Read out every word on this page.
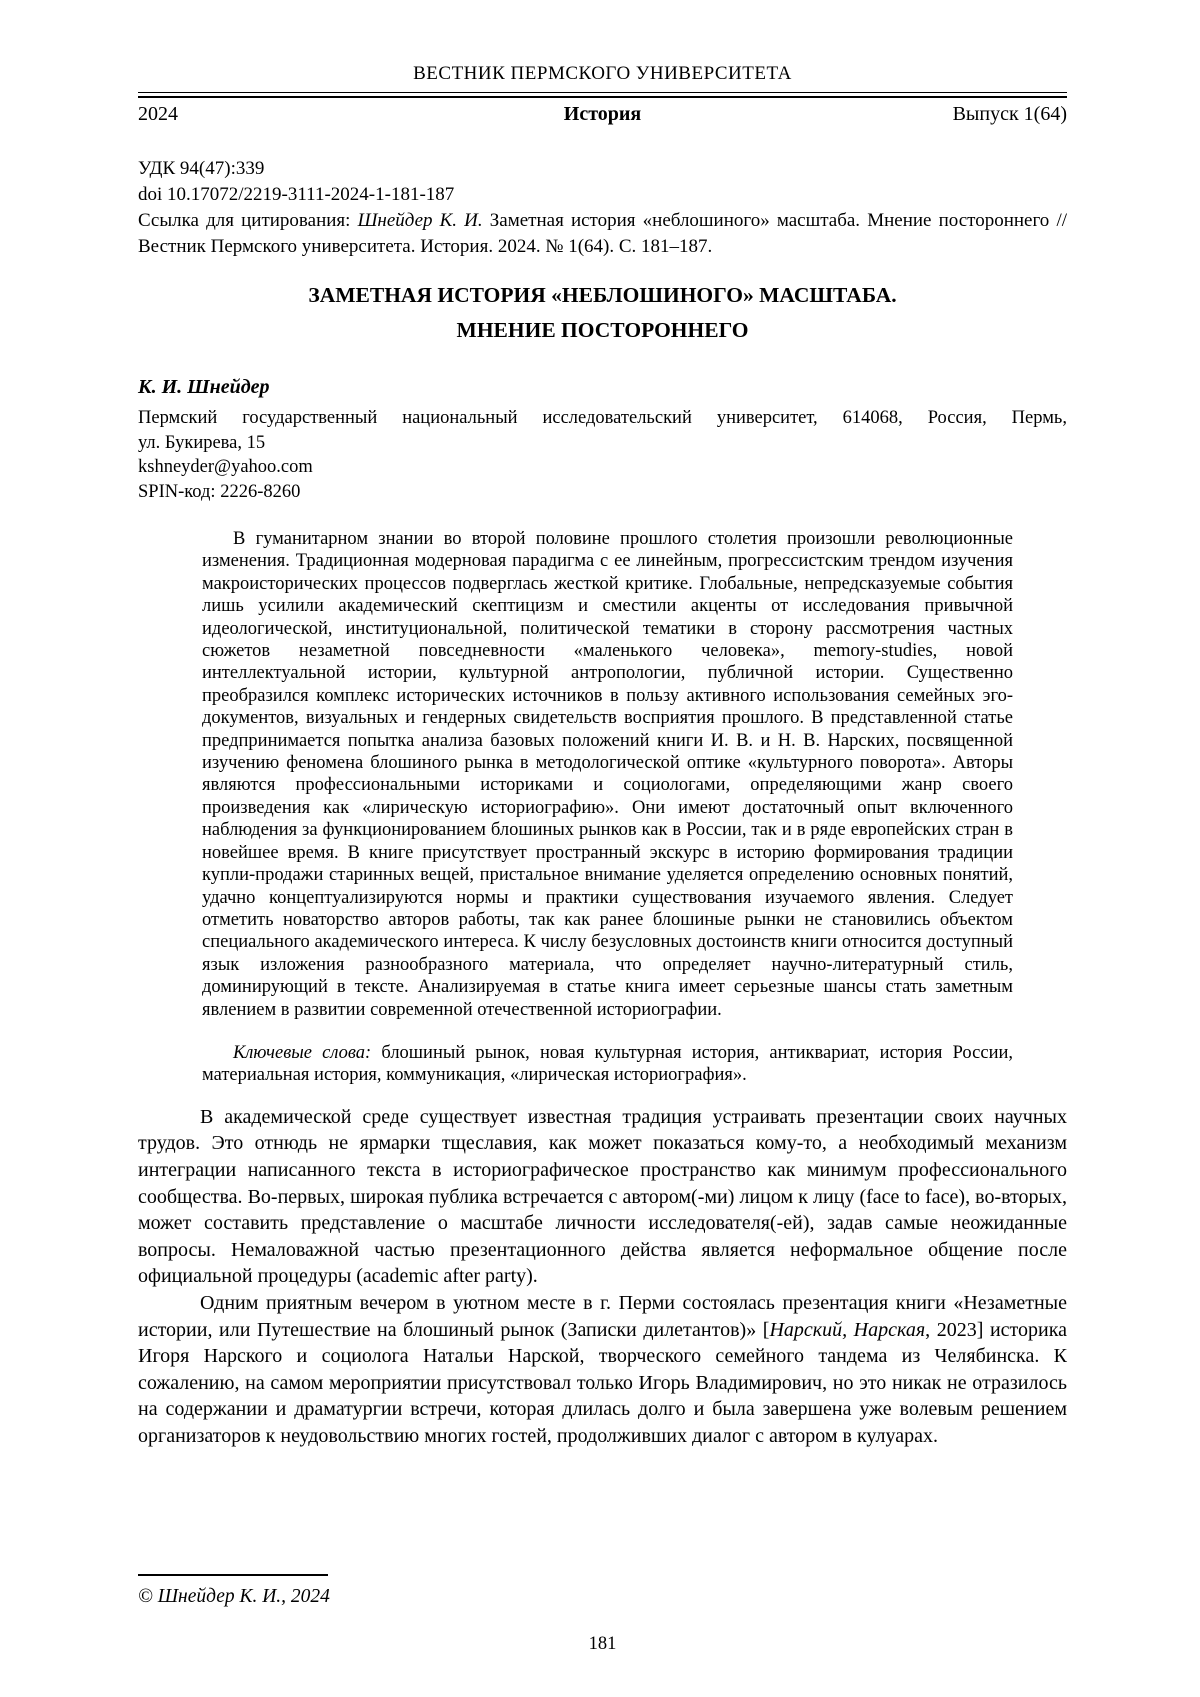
ВЕСТНИК ПЕРМСКОГО УНИВЕРСИТЕТА
2024	История	Выпуск 1(64)
УДК 94(47):339
doi 10.17072/2219-3111-2024-1-181-187

Ссылка для цитирования: Шнейдер К. И. Заметная история «неблошиного» масштаба. Мнение постороннего // Вестник Пермского университета. История. 2024. № 1(64). С. 181–187.

ЗАМЕТНАЯ ИСТОРИЯ «НЕБЛОШИНОГО» МАСШТАБА.
МНЕНИЕ ПОСТОРОННЕГО
К. И. Шнейдер
Пермский государственный национальный исследовательский университет, 614068, Россия, Пермь,
ул. Букирева, 15
kshneyder@yahoo.com
SPIN-код: 2226-8260

В гуманитарном знании во второй половине прошлого столетия произошли революционные изменения. Традиционная модерновая парадигма с ее линейным, прогрессистским трендом изучения макроисторических процессов подверглась жесткой критике. Глобальные, непредсказуемые события лишь усилили академический скептицизм и сместили акценты от исследования привычной идеологической, институциональной, политической тематики в сторону рассмотрения частных сюжетов незаметной повседневности «маленького человека», memory-studies, новой интеллектуальной истории, культурной антропологии, публичной истории. Существенно преобразился комплекс исторических источников в пользу активного использования семейных эго-документов, визуальных и гендерных свидетельств восприятия прошлого. В представленной статье предпринимается попытка анализа базовых положений книги И. В. и Н. В. Нарских, посвященной изучению феномена блошиного рынка в методологической оптике «культурного поворота». Авторы являются профессиональными историками и социологами, определяющими жанр своего произведения как «лирическую историографию». Они имеют достаточный опыт включенного наблюдения за функционированием блошиных рынков как в России, так и в ряде европейских стран в новейшее время. В книге присутствует пространный экскурс в историю формирования традиции купли-продажи старинных вещей, пристальное внимание уделяется определению основных понятий, удачно концептуализируются нормы и практики существования изучаемого явления. Следует отметить новаторство авторов работы, так как ранее блошиные рынки не становились объектом специального академического интереса. К числу безусловных достоинств книги относится доступный язык изложения разнообразного материала, что определяет научно-литературный стиль, доминирующий в тексте. Анализируемая в статье книга имеет серьезные шансы стать заметным явлением в развитии современной отечественной историографии.

Ключевые слова: блошиный рынок, новая культурная история, антиквариат, история России, материальная история, коммуникация, «лирическая историография».

В академической среде существует известная традиция устраивать презентации своих научных трудов. Это отнюдь не ярмарки тщеславия, как может показаться кому-то, а необходимый механизм интеграции написанного текста в историографическое пространство как минимум профессионального сообщества. Во-первых, широкая публика встречается с автором(-ми) лицом к лицу (face to face), во-вторых, может составить представление о масштабе личности исследователя(-ей), задав самые неожиданные вопросы. Немаловажной частью презентационного действа является неформальное общение после официальной процедуры (academic after party).

Одним приятным вечером в уютном месте в г. Перми состоялась презентация книги «Незаметные истории, или Путешествие на блошиный рынок (Записки дилетантов)» [Нарский, Нарская, 2023] историка Игоря Нарского и социолога Натальи Нарской, творческого семейного тандема из Челябинска. К сожалению, на самом мероприятии присутствовал только Игорь Владимирович, но это никак не отразилось на содержании и драматургии встречи, которая длилась долго и была завершена уже волевым решением организаторов к неудовольствию многих гостей, продолживших диалог с автором в кулуарах.

© Шнейдер К. И., 2024
181
